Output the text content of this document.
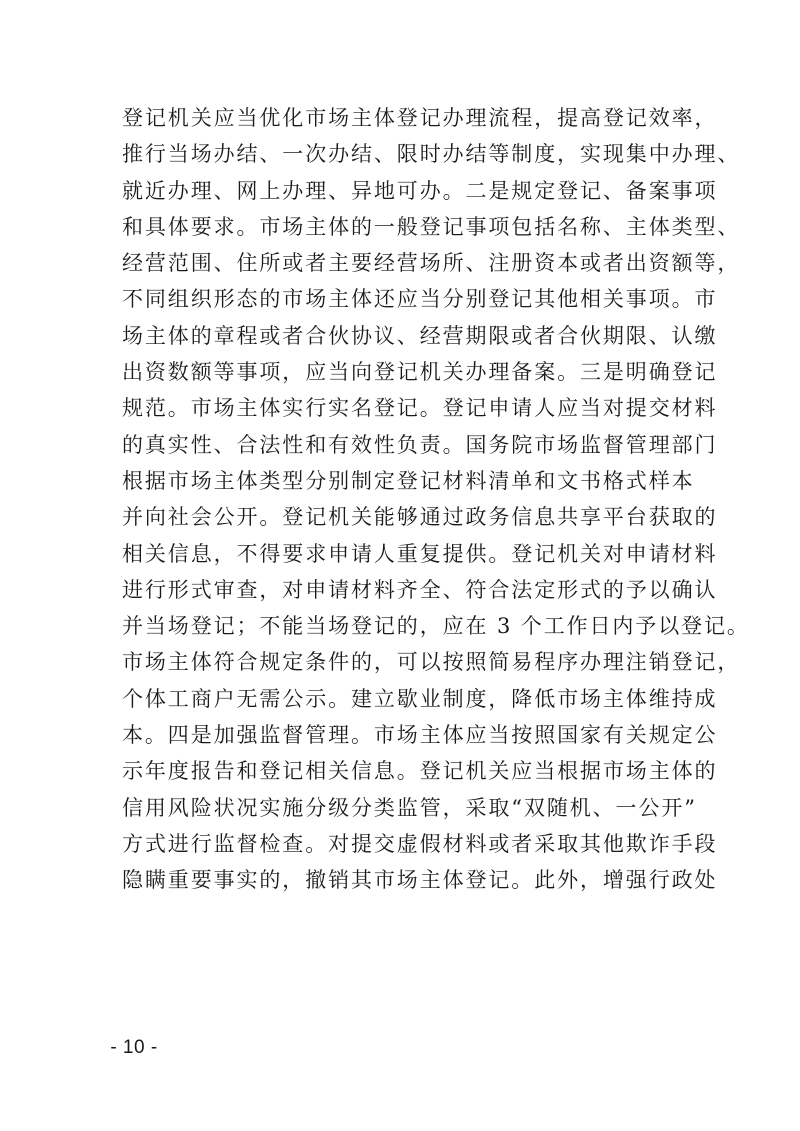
登记机关应当优化市场主体登记办理流程，提高登记效率，
推行当场办结、一次办结、限时办结等制度，实现集中办理、
就近办理、网上办理、异地可办。二是规定登记、备案事项
和具体要求。市场主体的一般登记事项包括名称、主体类型、
经营范围、住所或者主要经营场所、注册资本或者出资额等，
不同组织形态的市场主体还应当分别登记其他相关事项。市
场主体的章程或者合伙协议、经营期限或者合伙期限、认缴
出资数额等事项，应当向登记机关办理备案。三是明确登记
规范。市场主体实行实名登记。登记申请人应当对提交材料
的真实性、合法性和有效性负责。国务院市场监督管理部门
根据市场主体类型分别制定登记材料清单和文书格式样本
并向社会公开。登记机关能够通过政务信息共享平台获取的
相关信息，不得要求申请人重复提供。登记机关对申请材料
进行形式审查，对申请材料齐全、符合法定形式的予以确认
并当场登记；不能当场登记的，应在 3 个工作日内予以登记。
市场主体符合规定条件的，可以按照简易程序办理注销登记，
个体工商户无需公示。建立歇业制度，降低市场主体维持成
本。四是加强监督管理。市场主体应当按照国家有关规定公
示年度报告和登记相关信息。登记机关应当根据市场主体的
信用风险状况实施分级分类监管，采取“双随机、一公开”
方式进行监督检查。对提交虚假材料或者采取其他欺诈手段
隐瞒重要事实的，撤销其市场主体登记。此外，增强行政处
- 10 -
